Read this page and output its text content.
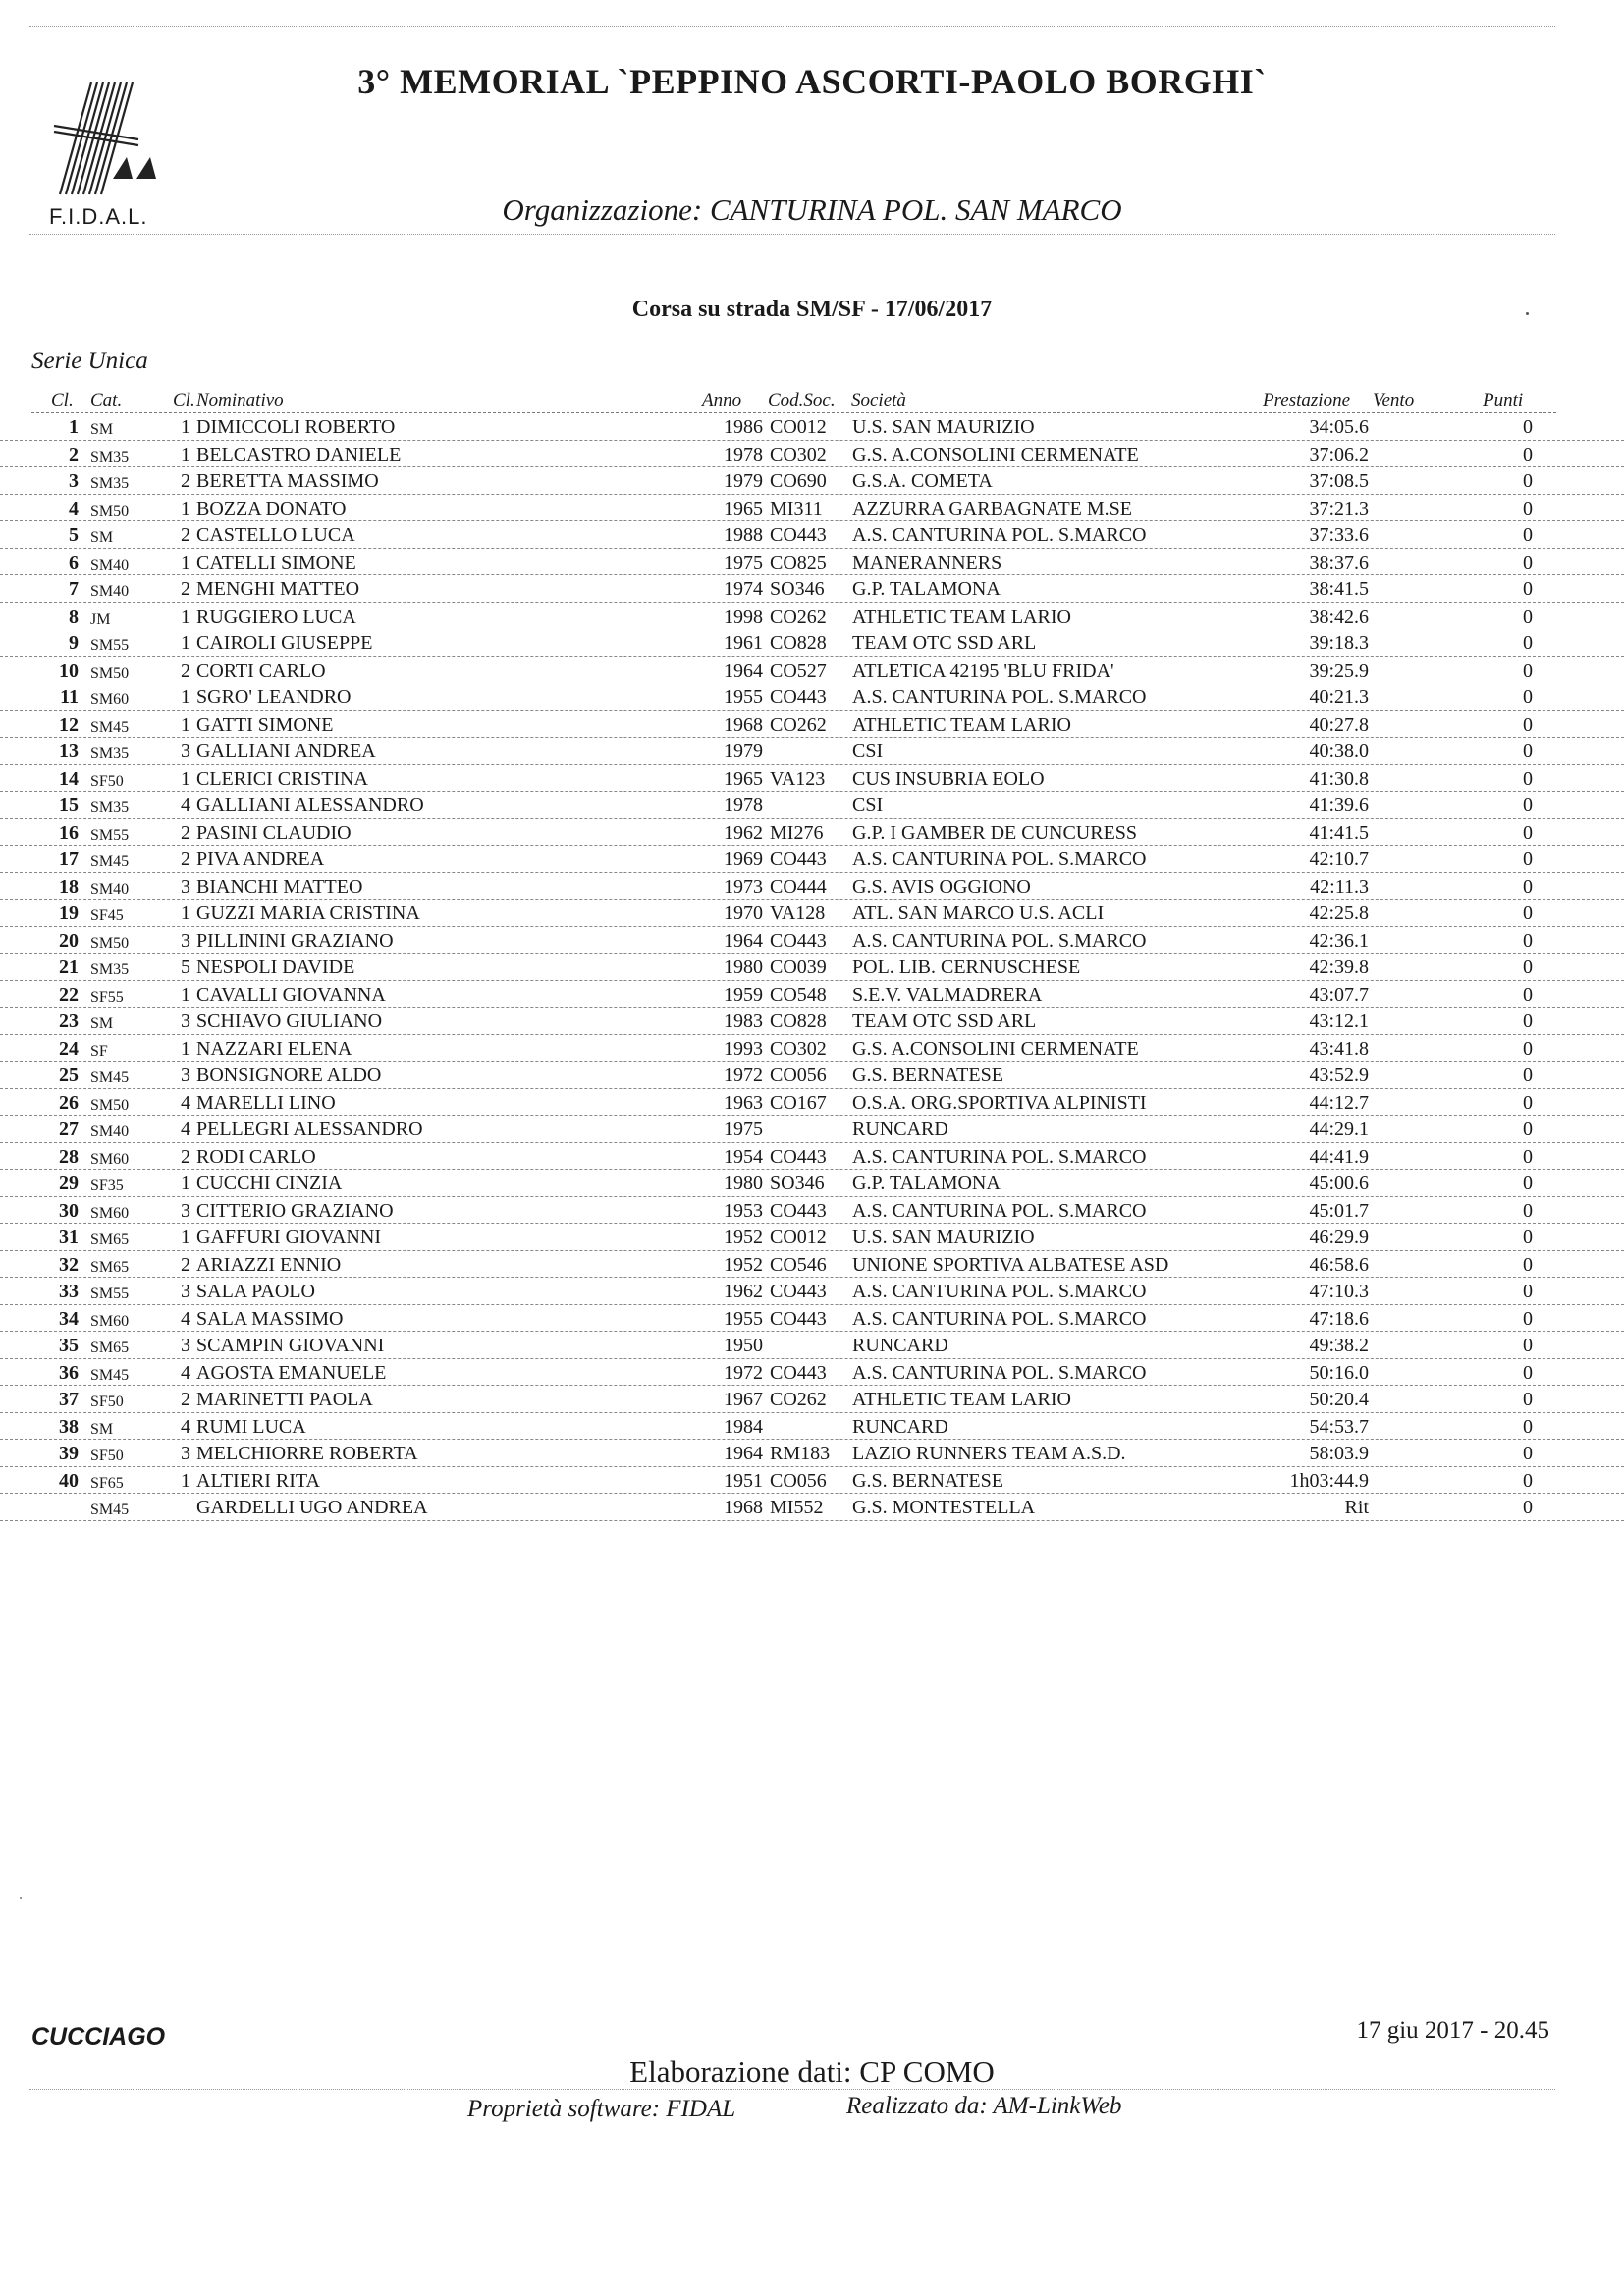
F.I.D.A.L.
3° MEMORIAL `PEPPINO ASCORTI-PAOLO BORGHI`
Organizzazione: CANTURINA POL. SAN MARCO
Corsa su strada SM/SF - 17/06/2017
Serie Unica
Cl. Cat.	Cl. Nominativo	Anno Cod.Soc. Società	Prestazione Vento	Punti
1 SM	1 DIMICCOLI ROBERTO	1986 CO012 U.S. SAN MAURIZIO	34:05.6	0
2 SM35	1 BELCASTRO DANIELE	1978 CO302 G.S. A.CONSOLINI CERMENATE	37:06.2	0
3 SM35	2 BERETTA MASSIMO	1979 CO690 G.S.A. COMETA	37:08.5	0
4 SM50	1 BOZZA DONATO	1965 MI311 AZZURRA GARBAGNATE M.SE	37:21.3	0
5 SM	2 CASTELLO LUCA	1988 CO443 A.S. CANTURINA POL. S.MARCO	37:33.6	0
6 SM40	1 CATELLI SIMONE	1975 CO825 MANERANNERS	38:37.6	0
7 SM40	2 MENGHI MATTEO	1974 SO346 G.P. TALAMONA	38:41.5	0
8 JM	1 RUGGIERO LUCA	1998 CO262 ATHLETIC TEAM LARIO	38:42.6	0
9 SM55	1 CAIROLI GIUSEPPE	1961 CO828 TEAM OTC SSD ARL	39:18.3	0
10 SM50	2 CORTI CARLO	1964 CO527 ATLETICA 42195 'BLU FRIDA'	39:25.9	0
11 SM60	1 SGRO' LEANDRO	1955 CO443 A.S. CANTURINA POL. S.MARCO	40:21.3	0
12 SM45	1 GATTI SIMONE	1968 CO262 ATHLETIC TEAM LARIO	40:27.8	0
13 SM35	3 GALLIANI ANDREA	1979	CSI	40:38.0	0
14 SF50	1 CLERICI CRISTINA	1965 VA123 CUS INSUBRIA EOLO	41:30.8	0
15 SM35	4 GALLIANI ALESSANDRO	1978	CSI	41:39.6	0
16 SM55	2 PASINI CLAUDIO	1962 MI276 G.P. I GAMBER DE CUNCURESS	41:41.5	0
17 SM45	2 PIVA ANDREA	1969 CO443 A.S. CANTURINA POL. S.MARCO	42:10.7	0
18 SM40	3 BIANCHI MATTEO	1973 CO444 G.S. AVIS OGGIONO	42:11.3	0
19 SF45	1 GUZZI MARIA CRISTINA	1970 VA128 ATL. SAN MARCO U.S. ACLI	42:25.8	0
20 SM50	3 PILLININI GRAZIANO	1964 CO443 A.S. CANTURINA POL. S.MARCO	42:36.1	0
21 SM35	5 NESPOLI DAVIDE	1980 CO039 POL. LIB. CERNUSCHESE	42:39.8	0
22 SF55	1 CAVALLI GIOVANNA	1959 CO548 S.E.V. VALMADRERA	43:07.7	0
23 SM	3 SCHIAVO GIULIANO	1983 CO828 TEAM OTC SSD ARL	43:12.1	0
24 SF	1 NAZZARI ELENA	1993 CO302 G.S. A.CONSOLINI CERMENATE	43:41.8	0
25 SM45	3 BONSIGNORE ALDO	1972 CO056 G.S. BERNATESE	43:52.9	0
26 SM50	4 MARELLI LINO	1963 CO167 O.S.A. ORG.SPORTIVA ALPINISTI	44:12.7	0
27 SM40	4 PELLEGRI ALESSANDRO	1975	RUNCARD	44:29.1	0
28 SM60	2 RODI CARLO	1954 CO443 A.S. CANTURINA POL. S.MARCO	44:41.9	0
29 SF35	1 CUCCHI CINZIA	1980 SO346 G.P. TALAMONA	45:00.6	0
30 SM60	3 CITTERIO GRAZIANO	1953 CO443 A.S. CANTURINA POL. S.MARCO	45:01.7	0
31 SM65	1 GAFFURI GIOVANNI	1952 CO012 U.S. SAN MAURIZIO	46:29.9	0
32 SM65	2 ARIAZZI ENNIO	1952 CO546 UNIONE SPORTIVA ALBATESE ASD	46:58.6	0
33 SM55	3 SALA PAOLO	1962 CO443 A.S. CANTURINA POL. S.MARCO	47:10.3	0
34 SM60	4 SALA MASSIMO	1955 CO443 A.S. CANTURINA POL. S.MARCO	47:18.6	0
35 SM65	3 SCAMPIN GIOVANNI	1950	RUNCARD	49:38.2	0
36 SM45	4 AGOSTA EMANUELE	1972 CO443 A.S. CANTURINA POL. S.MARCO	50:16.0	0
37 SF50	2 MARINETTI PAOLA	1967 CO262 ATHLETIC TEAM LARIO	50:20.4	0
38 SM	4 RUMI LUCA	1984	RUNCARD	54:53.7	0
39 SF50	3 MELCHIORRE ROBERTA	1964 RM183 LAZIO RUNNERS TEAM A.S.D.	58:03.9	0
40 SF65	1 ALTIERI RITA	1951 CO056 G.S. BERNATESE	1h03:44.9	0
SM45	GARDELLI UGO ANDREA	1968 MI552 G.S. MONTESTELLA	Rit	0
CUCCIAGO	17 giu 2017 - 20.45
Elaborazione dati: CP COMO
Proprietà software: FIDAL	Realizzato da: AM-LinkWeb
